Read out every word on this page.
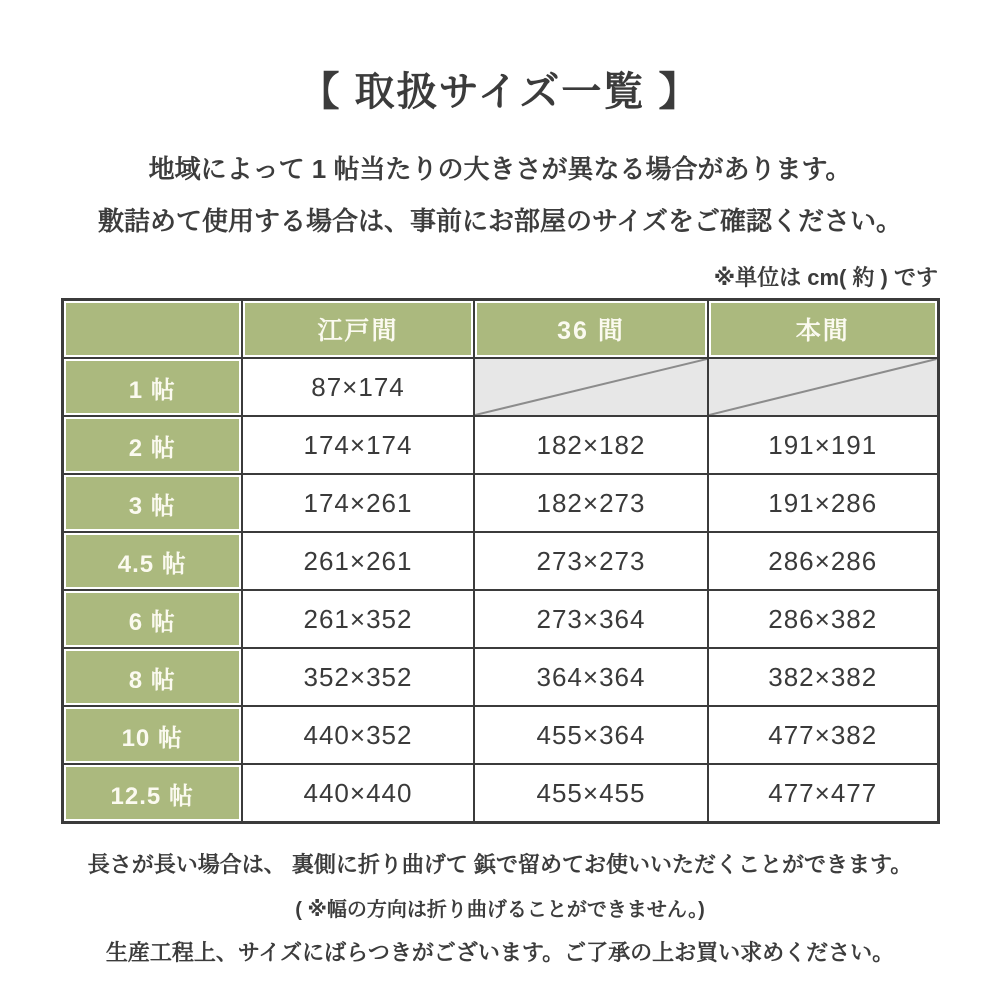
【 取扱サイズ一覧 】
地域によって 1 帖当たりの大きさが異なる場合があります。
敷詰めて使用する場合は、事前にお部屋のサイズをご確認ください。
※単位は cm( 約 ) です
	江戸間	36 間	本間
1 帖	87×174	

2 帖	174×174	182×182	191×191
3 帖	174×261	182×273	191×286
4.5 帖	261×261	273×273	286×286
6 帖	261×352	273×364	286×382
8 帖	352×352	364×364	382×382
10 帖	440×352	455×364	477×382
12.5 帖	440×440	455×455	477×477
長さが長い場合は、 裏側に折り曲げて 鋲で留めてお使いいただくことができます。
( ※幅の方向は折り曲げることができません。)
生産工程上、サイズにばらつきがございます。ご了承の上お買い求めください。
